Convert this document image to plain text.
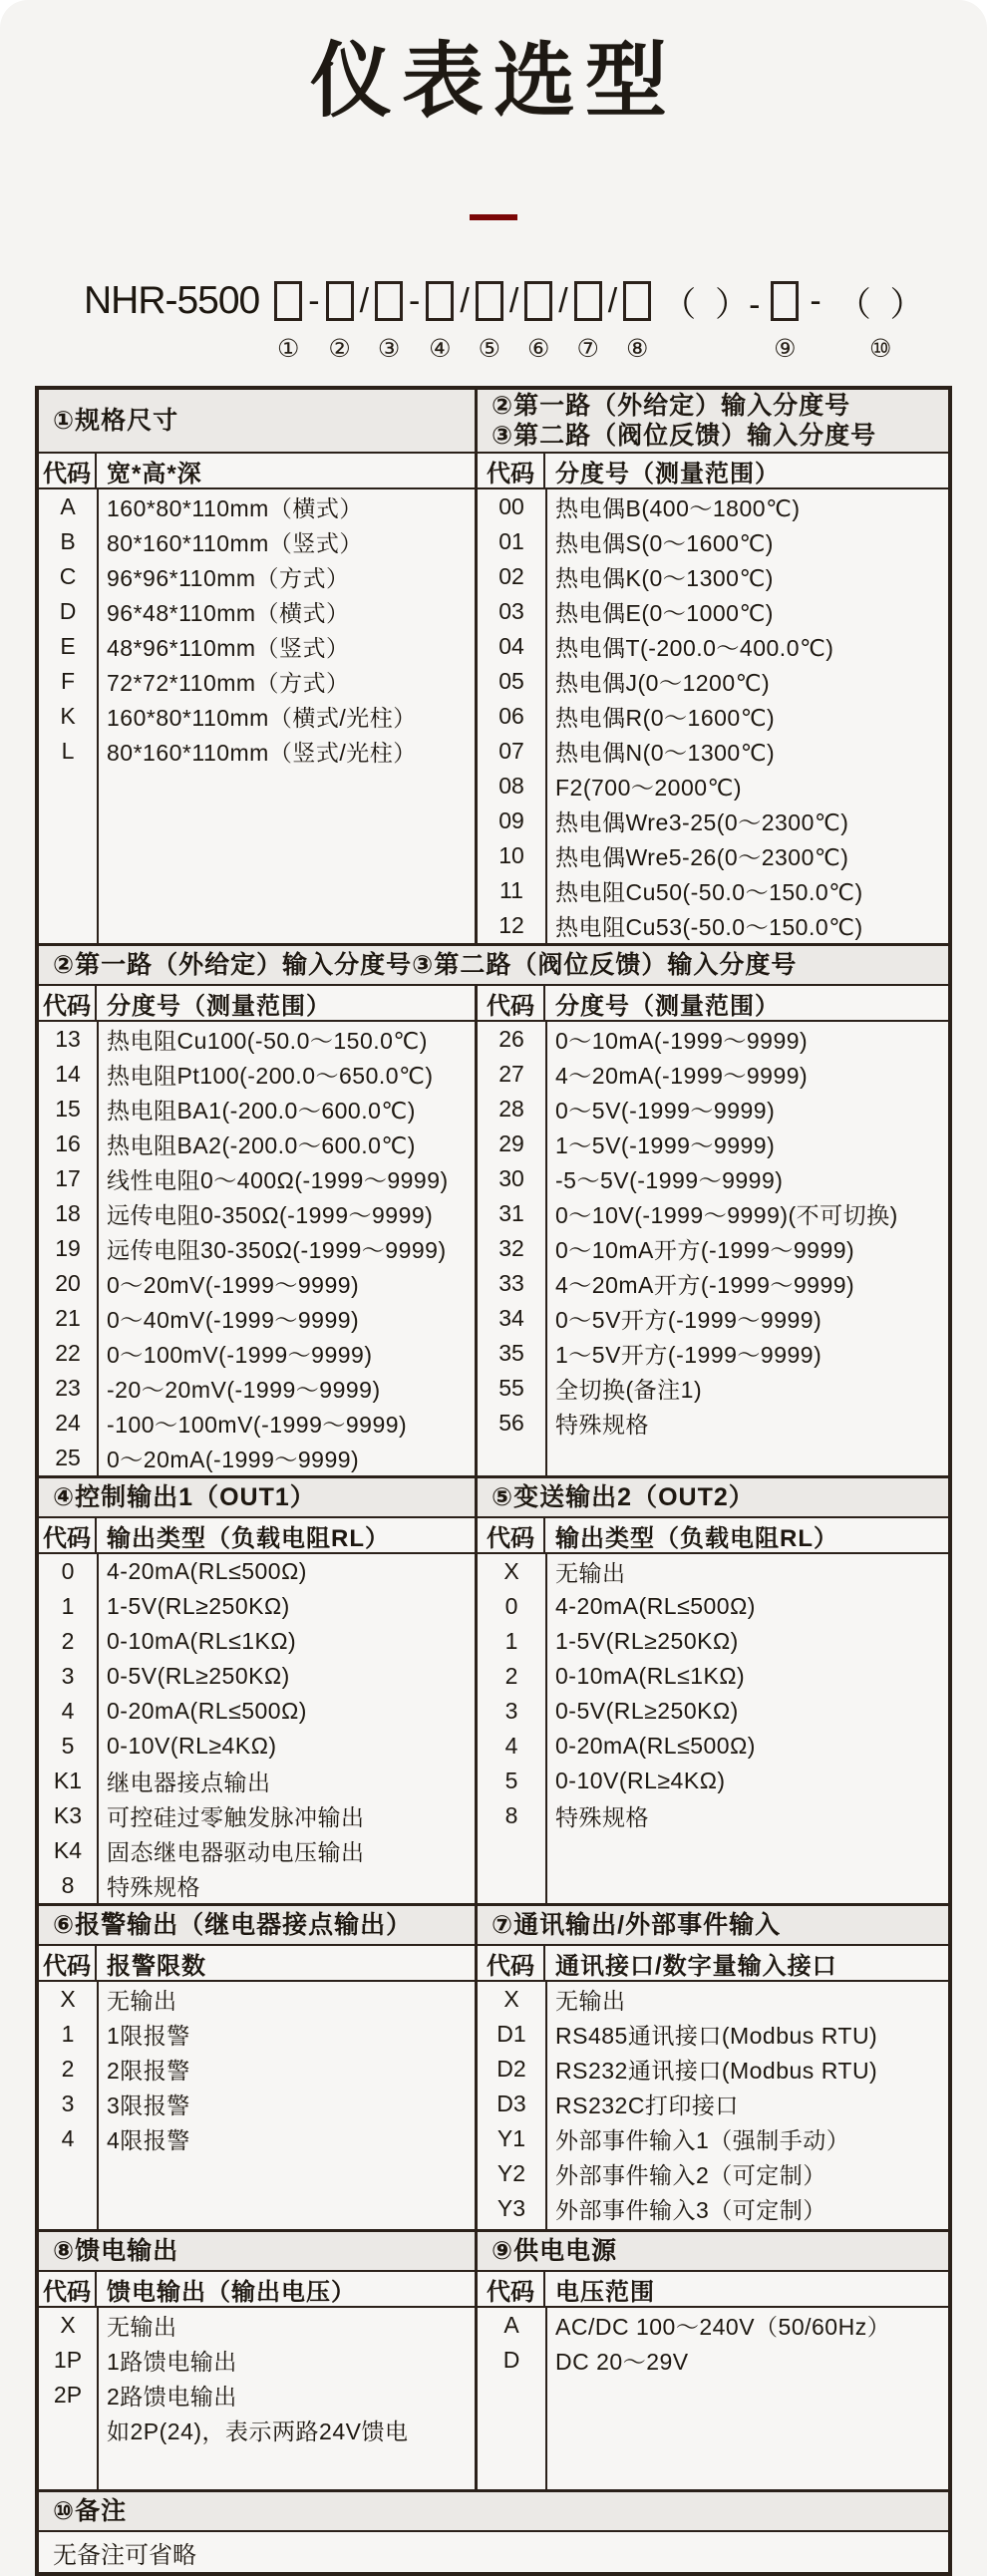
仪表选型
NHR-5500
①
-
②
/
③
-
④
/
⑤
/
⑥
/
⑦
/
⑧
（  ）-
⑨
- （  ）
⑩
①规格尺寸
代码 宽*高*深
A	160*80*110mm（横式）
B	80*160*110mm（竖式）
C	96*96*110mm（方式）
D	96*48*110mm（横式）
E	48*96*110mm（竖式）
F	72*72*110mm（方式）
K	160*80*110mm（横式/光柱）
L	80*160*110mm（竖式/光柱）
②第一路（外给定）输入分度号
③第二路（阀位反馈）输入分度号
代码 分度号（测量范围）
00	热电偶B(400～1800℃)
01	热电偶S(0～1600℃)
02	热电偶K(0～1300℃)
03	热电偶E(0～1000℃)
04	热电偶T(-200.0～400.0℃)
05	热电偶J(0～1200℃)
06	热电偶R(0～1600℃)
07	热电偶N(0～1300℃)
08	F2(700～2000℃)
09	热电偶Wre3-25(0～2300℃)
10	热电偶Wre5-26(0～2300℃)
11	热电阻Cu50(-50.0～150.0℃)
12	热电阻Cu53(-50.0～150.0℃)
②第一路（外给定）输入分度号③第二路（阀位反馈）输入分度号
代码 分度号（测量范围）
13	热电阻Cu100(-50.0～150.0℃)
14	热电阻Pt100(-200.0～650.0℃)
15	热电阻BA1(-200.0～600.0℃)
16	热电阻BA2(-200.0～600.0℃)
17	线性电阻0～400Ω(-1999～9999)
18	远传电阻0-350Ω(-1999～9999)
19	远传电阻30-350Ω(-1999～9999)
20	0～20mV(-1999～9999)
21	0～40mV(-1999～9999)
22	0～100mV(-1999～9999)
23	-20～20mV(-1999～9999)
24	-100～100mV(-1999～9999)
25	0～20mA(-1999～9999)
代码 分度号（测量范围）
26	0～10mA(-1999～9999)
27	4～20mA(-1999～9999)
28	0～5V(-1999～9999)
29	1～5V(-1999～9999)
30	-5～5V(-1999～9999)
31	0～10V(-1999～9999)(不可切换)
32	0～10mA开方(-1999～9999)
33	4～20mA开方(-1999～9999)
34	0～5V开方(-1999～9999)
35	1～5V开方(-1999～9999)
55	全切换(备注1)
56	特殊规格
④控制输出1（OUT1）
代码 输出类型（负载电阻RL）
0	4-20mA(RL≤500Ω)
1	1-5V(RL≥250KΩ)
2	0-10mA(RL≤1KΩ)
3	0-5V(RL≥250KΩ)
4	0-20mA(RL≤500Ω)
5	0-10V(RL≥4KΩ)
K1	继电器接点输出
K3	可控硅过零触发脉冲输出
K4	固态继电器驱动电压输出
8	特殊规格
⑤变送输出2（OUT2）
代码 输出类型（负载电阻RL）
X	无输出
0	4-20mA(RL≤500Ω)
1	1-5V(RL≥250KΩ)
2	0-10mA(RL≤1KΩ)
3	0-5V(RL≥250KΩ)
4	0-20mA(RL≤500Ω)
5	0-10V(RL≥4KΩ)
8	特殊规格
⑥报警输出（继电器接点输出）
代码 报警限数
X	无输出
1	1限报警
2	2限报警
3	3限报警
4	4限报警
⑦通讯输出/外部事件输入
代码 通讯接口/数字量输入接口
X	无输出
D1	RS485通讯接口(Modbus RTU)
D2	RS232通讯接口(Modbus RTU)
D3	RS232C打印接口
Y1	外部事件输入1（强制手动）
Y2	外部事件输入2（可定制）
Y3	外部事件输入3（可定制）
⑧馈电输出
代码 馈电输出（输出电压）
X	无输出
1P	1路馈电输出
2P	2路馈电输出
如2P(24)，表示两路24V馈电
⑨供电电源
代码 电压范围
A	AC/DC 100～240V（50/60Hz）
D	DC 20～29V
⑩备注
无备注可省略
